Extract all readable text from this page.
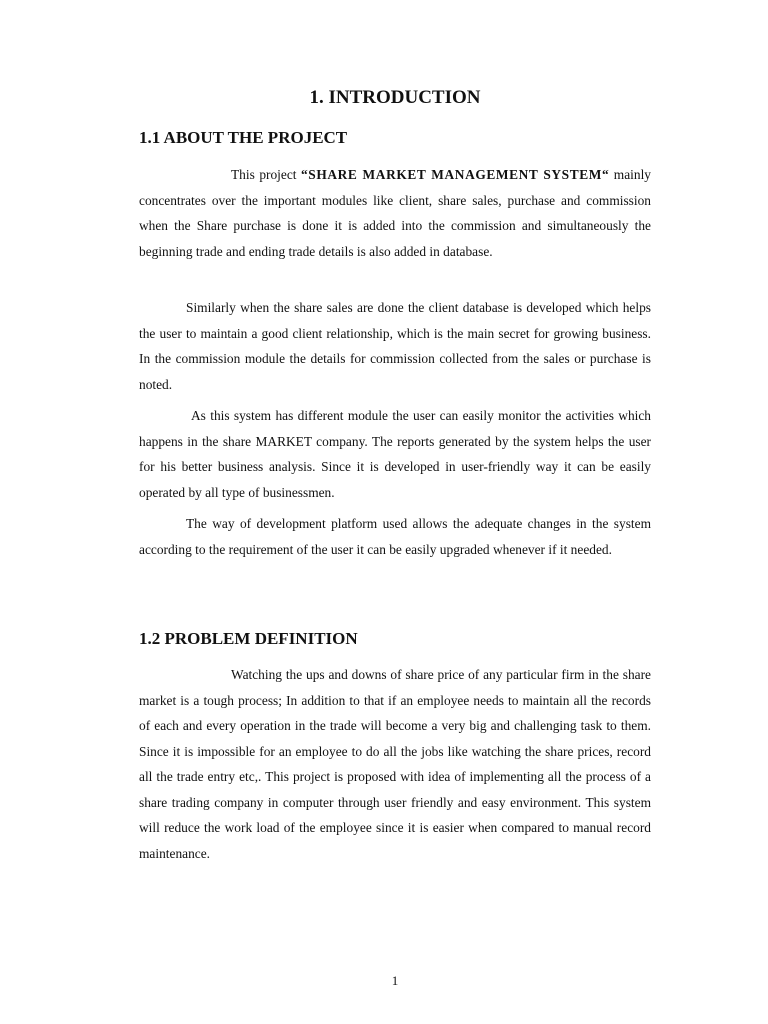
1. INTRODUCTION
1.1 ABOUT THE PROJECT

This project “SHARE MARKET MANAGEMENT SYSTEM“ mainly concentrates over the important modules like client, share sales, purchase and commission when the Share purchase is done it is added into the commission and simultaneously the beginning trade and ending trade details is also added in database.

Similarly when the share sales are done the client database is developed which helps the user to maintain a good client relationship, which is the main secret for growing business. In the commission module the details for commission collected from the sales or purchase is noted.

As this system has different module the user can easily monitor the activities which happens in the share MARKET company. The reports generated by the system helps the user for his better business analysis. Since it is developed in user-friendly way it can be easily operated by all type of businessmen.

The way of development platform used allows the adequate changes in the system according to the requirement of the user it can be easily upgraded whenever if it needed.

1.2 PROBLEM DEFINITION

Watching the ups and downs of share price of any particular firm in the share market is a tough process; In addition to that if an employee needs to maintain all the records of each and every operation in the trade will become a very big and challenging task to them. Since it is impossible for an employee to do all the jobs like watching the share prices, record all the trade entry etc,. This project is proposed with idea of implementing all the process of a share trading company in computer through user friendly and easy environment. This system will reduce the work load of the employee since it is easier when compared to manual record maintenance.

1
